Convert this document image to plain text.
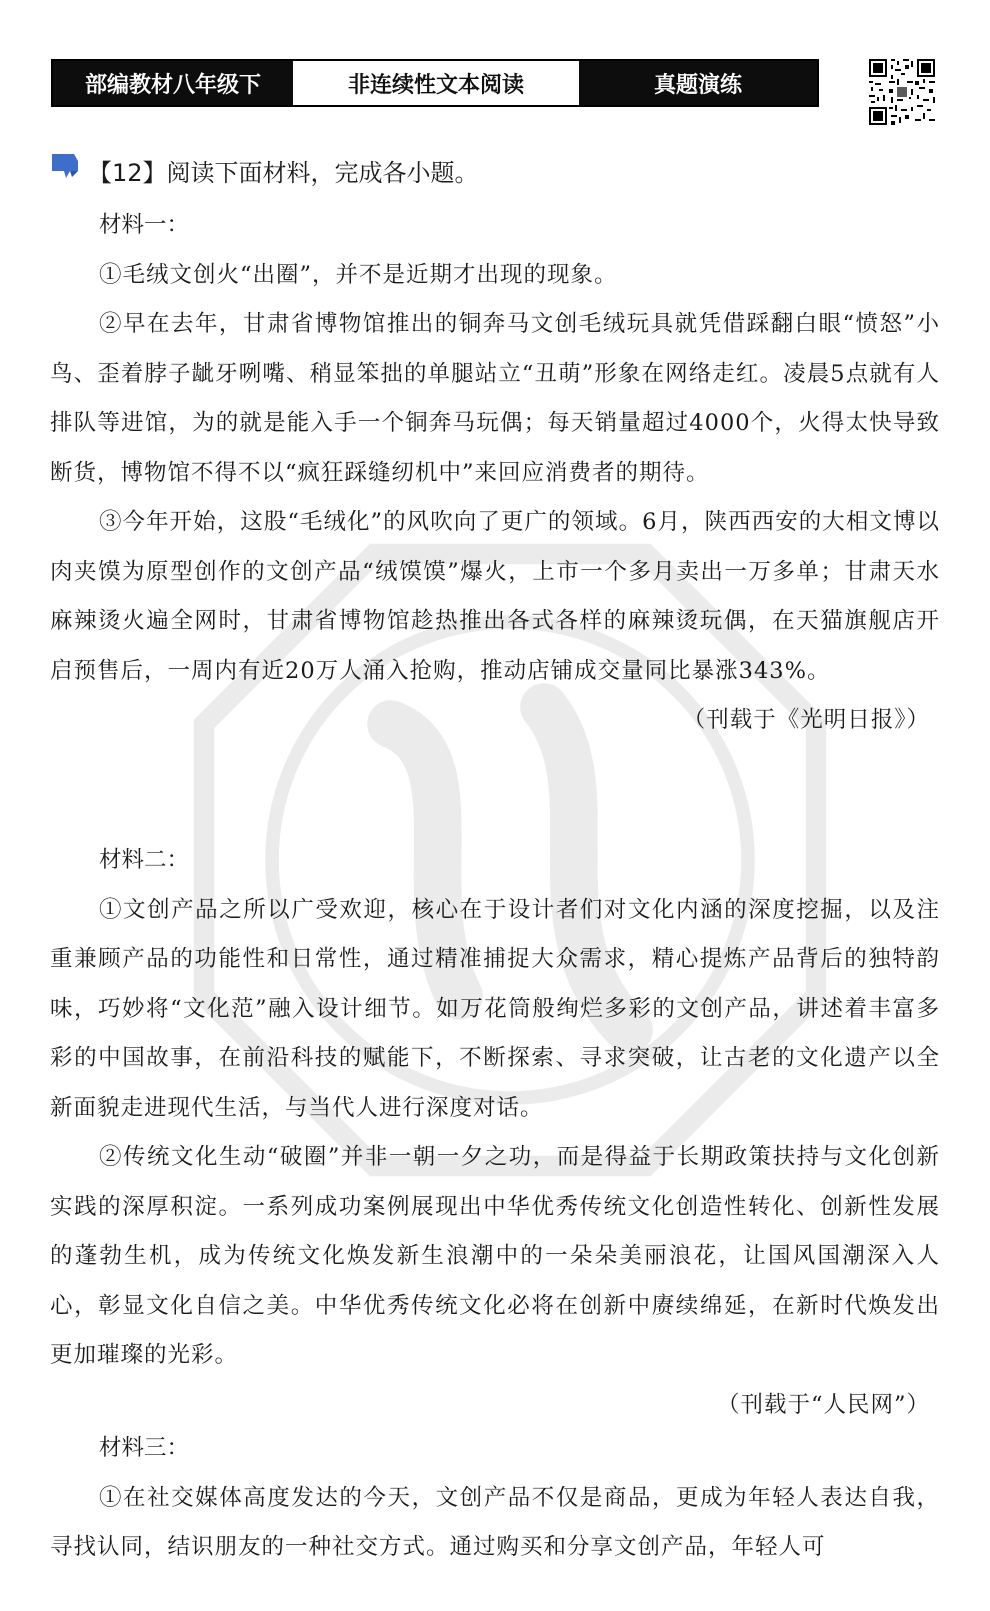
部编教材八年级下	非连续性文本阅读	真题演练
【12】阅读下面材料，完成各小题。
材料一：

①毛绒文创火“出圈”，并不是近期才出现的现象。

②早在去年，甘肃省博物馆推出的铜奔马文创毛绒玩具就凭借踩翻白眼“愤怒”小鸟、歪着脖子龇牙咧嘴、稍显笨拙的单腿站立“丑萌”形象在网络走红。凌晨5点就有人排队等进馆，为的就是能入手一个铜奔马玩偶；每天销量超过4000个，火得太快导致断货，博物馆不得不以“疯狂踩缝纫机中”来回应消费者的期待。

③今年开始，这股“毛绒化”的风吹向了更广的领域。6月，陕西西安的大相文博以肉夹馍为原型创作的文创产品“绒馍馍”爆火，上市一个多月卖出一万多单；甘肃天水麻辣烫火遍全网时，甘肃省博物馆趁热推出各式各样的麻辣烫玩偶，在天猫旗舰店开启预售后，一周内有近20万人涌入抢购，推动店铺成交量同比暴涨343%。

（刊载于《光明日报》）
材料二：

①文创产品之所以广受欢迎，核心在于设计者们对文化内涵的深度挖掘，以及注重兼顾产品的功能性和日常性，通过精准捕捉大众需求，精心提炼产品背后的独特韵味，巧妙将“文化范”融入设计细节。如万花筒般绚烂多彩的文创产品，讲述着丰富多彩的中国故事，在前沿科技的赋能下，不断探索、寻求突破，让古老的文化遗产以全新面貌走进现代生活，与当代人进行深度对话。

②传统文化生动“破圈”并非一朝一夕之功，而是得益于长期政策扶持与文化创新实践的深厚积淀。一系列成功案例展现出中华优秀传统文化创造性转化、创新性发展的蓬勃生机，成为传统文化焕发新生浪潮中的一朵朵美丽浪花，让国风国潮深入人心，彰显文化自信之美。中华优秀传统文化必将在创新中赓续绵延，在新时代焕发出更加璀璨的光彩。

（刊载于“人民网”）
材料三：

①在社交媒体高度发达的今天，文创产品不仅是商品，更成为年轻人表达自我，寻找认同，结识朋友的一种社交方式。通过购买和分享文创产品，年轻人可
